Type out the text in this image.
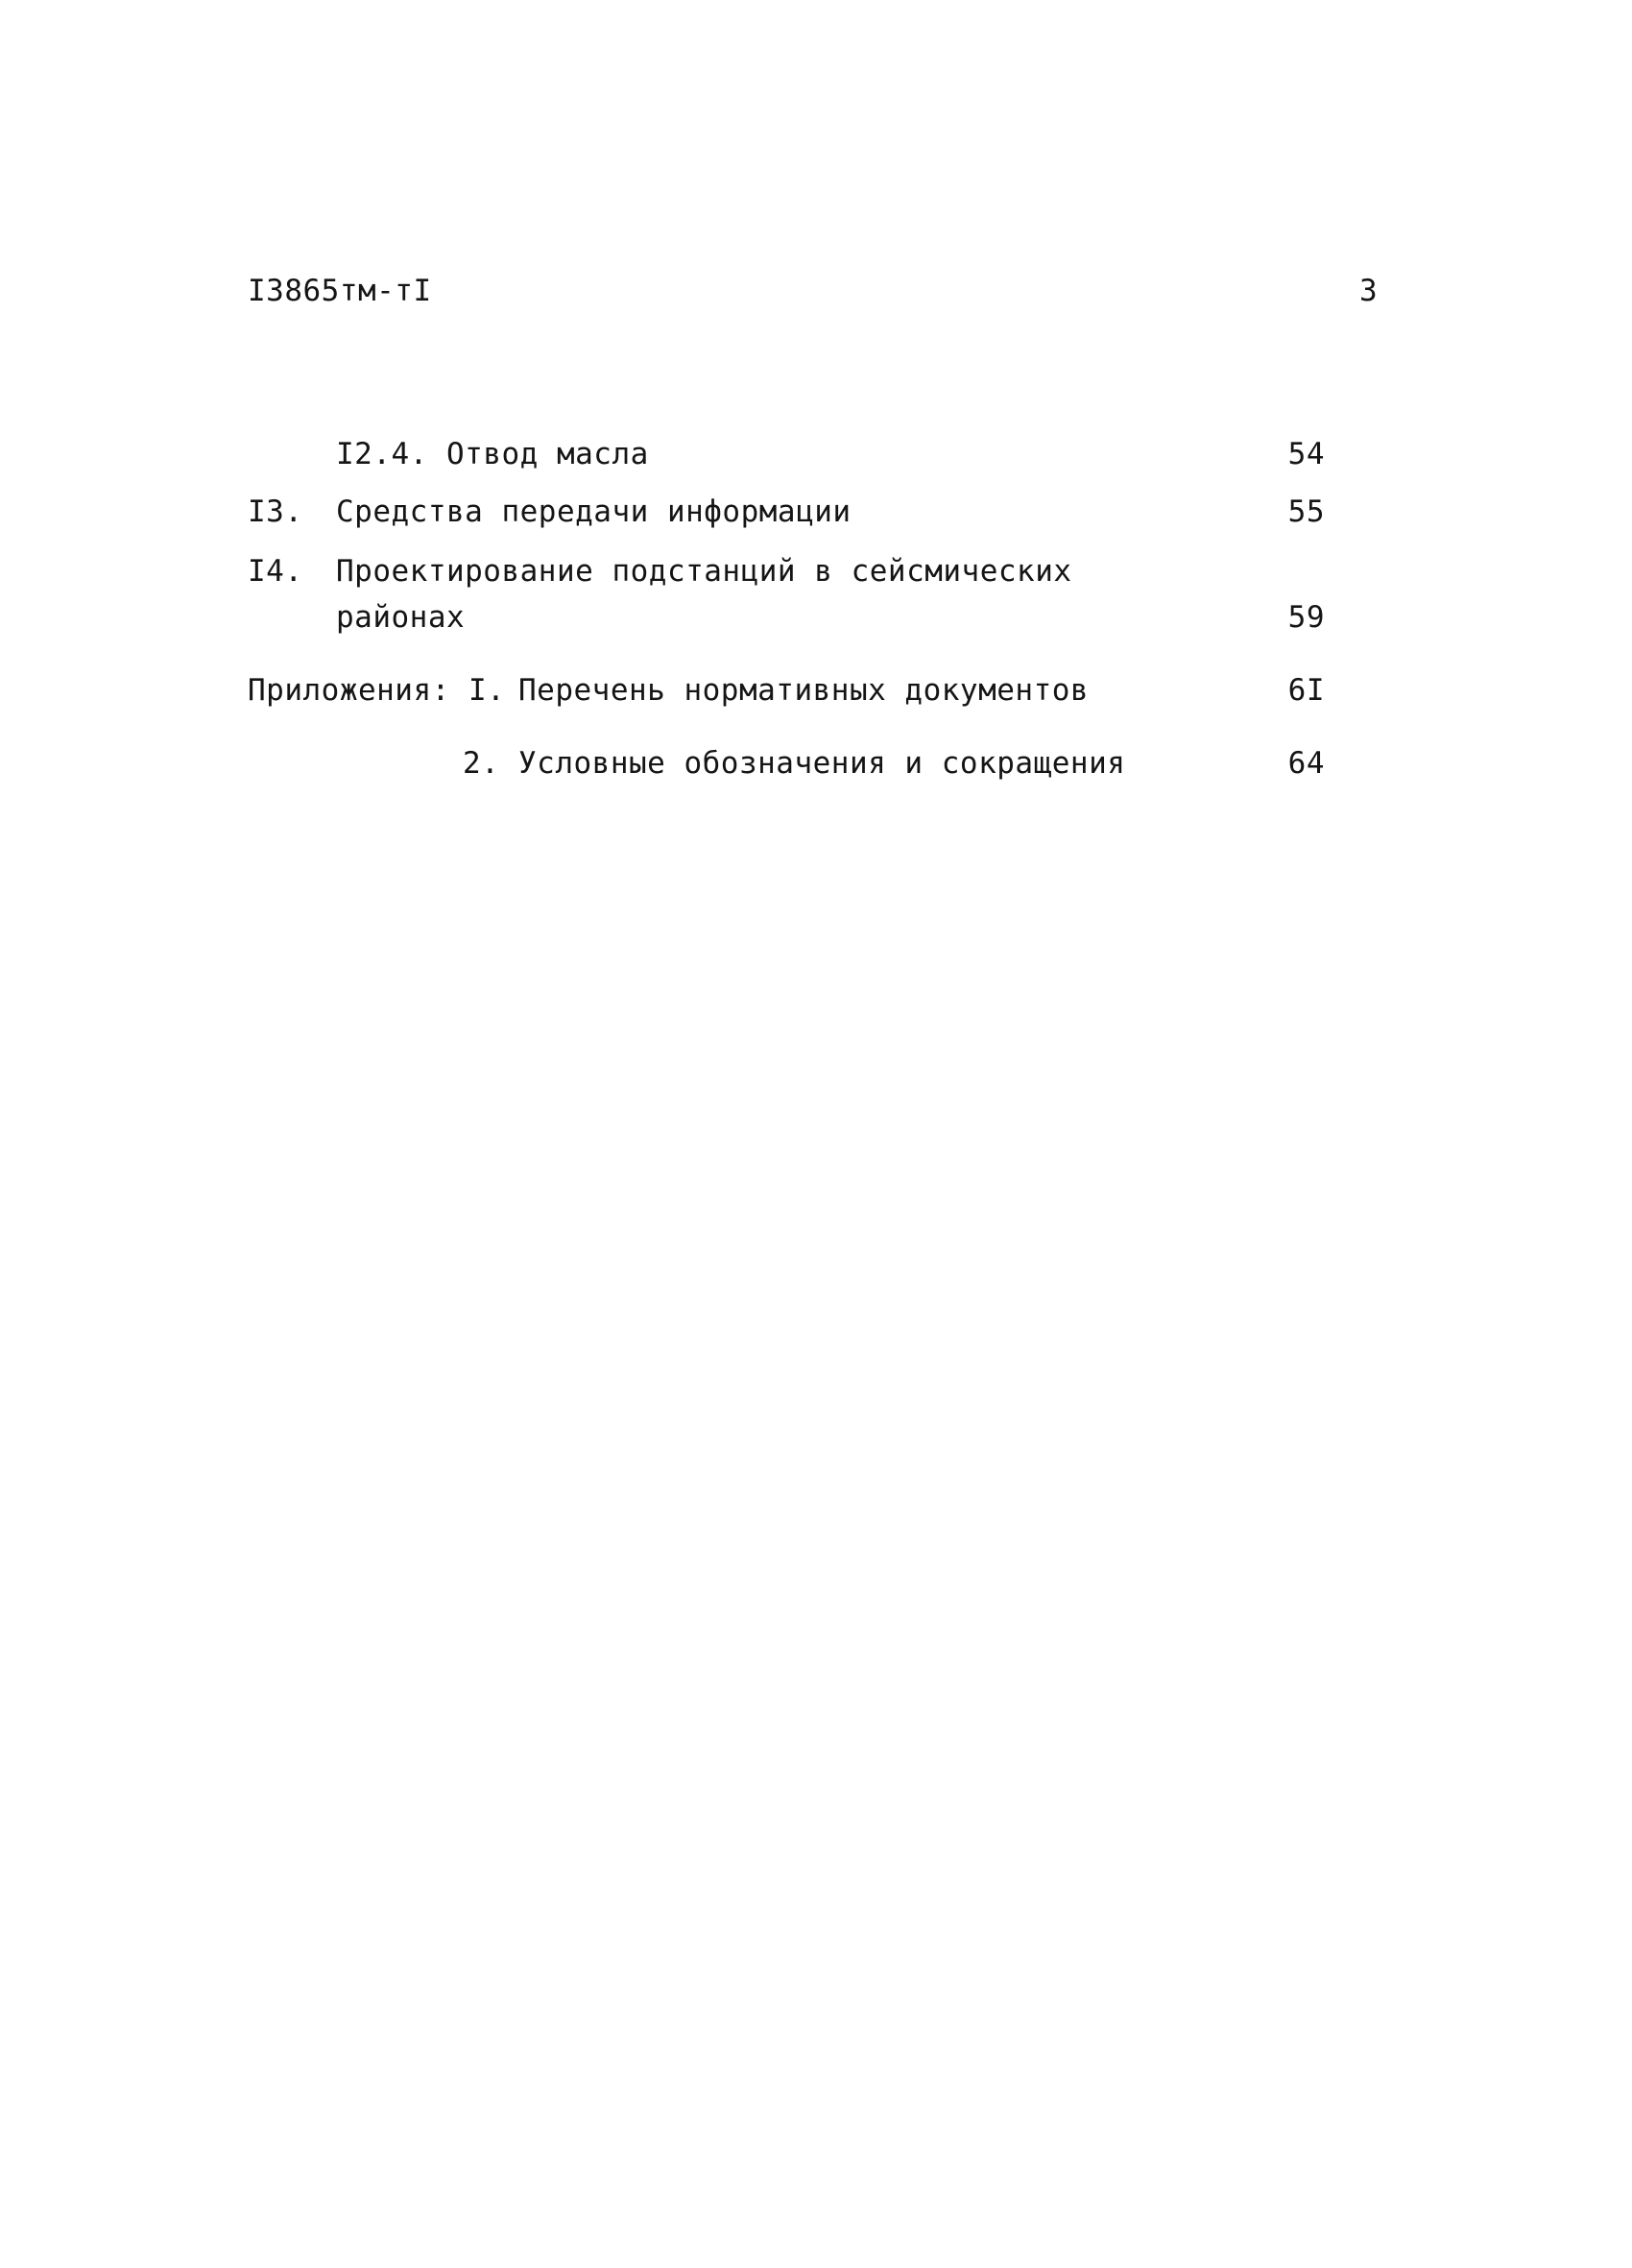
I3865тм-тI	3
I2.4. Отвод масла	54
I3. Средства передачи информации	55
I4. Проектирование подстанций в сейсмических
районах	59
Приложения: I. Перечень нормативных документов	6I
2. Условные обозначения и сокращения	64
